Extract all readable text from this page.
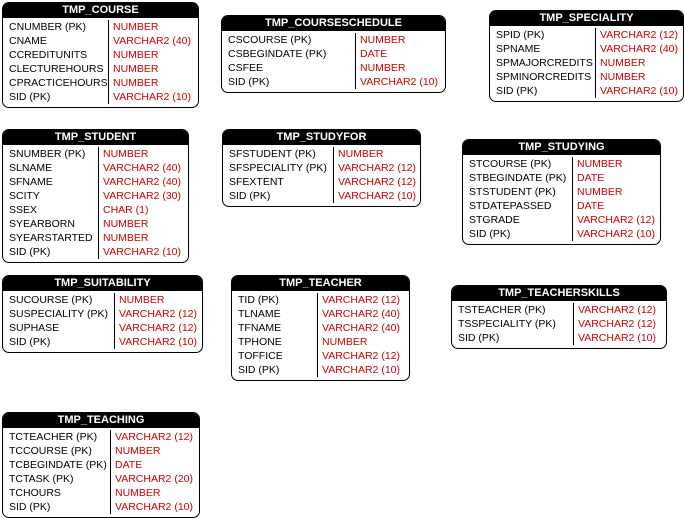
TMP_COURSE
CNUMBER (PK)
CNAME
CCREDITUNITS
CLECTUREHOURS
CPRACTICEHOURS
SID (PK)
NUMBER
VARCHAR2 (40)
NUMBER
NUMBER
NUMBER
VARCHAR2 (10)
TMP_COURSESCHEDULE
CSCOURSE (PK)
CSBEGINDATE (PK)
CSFEE
SID (PK)
NUMBER
DATE
NUMBER
VARCHAR2 (10)
TMP_SPECIALITY
SPID (PK)
SPNAME
SPMAJORCREDITS
SPMINORCREDITS
SID (PK)
VARCHAR2 (12)
VARCHAR2 (40)
NUMBER
NUMBER
VARCHAR2 (10)
TMP_STUDENT
SNUMBER (PK)
SLNAME
SFNAME
SCITY
SSEX
SYEARBORN
SYEARSTARTED
SID (PK)
NUMBER
VARCHAR2 (40)
VARCHAR2 (40)
VARCHAR2 (30)
CHAR (1)
NUMBER
NUMBER
VARCHAR2 (10)
TMP_STUDYFOR
SFSTUDENT (PK)
SFSPECIALITY (PK)
SFEXTENT
SID (PK)
NUMBER
VARCHAR2 (12)
VARCHAR2 (12)
VARCHAR2 (10)
TMP_STUDYING
STCOURSE (PK)
STBEGINDATE (PK)
STSTUDENT (PK)
STDATEPASSED
STGRADE
SID (PK)
NUMBER
DATE
NUMBER
DATE
VARCHAR2 (12)
VARCHAR2 (10)
TMP_SUITABILITY
SUCOURSE (PK)
SUSPECIALITY (PK)
SUPHASE
SID (PK)
NUMBER
VARCHAR2 (12)
VARCHAR2 (12)
VARCHAR2 (10)
TMP_TEACHER
TID (PK)
TLNAME
TFNAME
TPHONE
TOFFICE
SID (PK)
VARCHAR2 (12)
VARCHAR2 (40)
VARCHAR2 (40)
NUMBER
VARCHAR2 (12)
VARCHAR2 (10)
TMP_TEACHERSKILLS
TSTEACHER (PK)
TSSPECIALITY (PK)
SID (PK)
VARCHAR2 (12)
VARCHAR2 (12)
VARCHAR2 (10)
TMP_TEACHING
TCTEACHER (PK)
TCCOURSE (PK)
TCBEGINDATE (PK)
TCTASK (PK)
TCHOURS
SID (PK)
VARCHAR2 (12)
NUMBER
DATE
VARCHAR2 (20)
NUMBER
VARCHAR2 (10)
